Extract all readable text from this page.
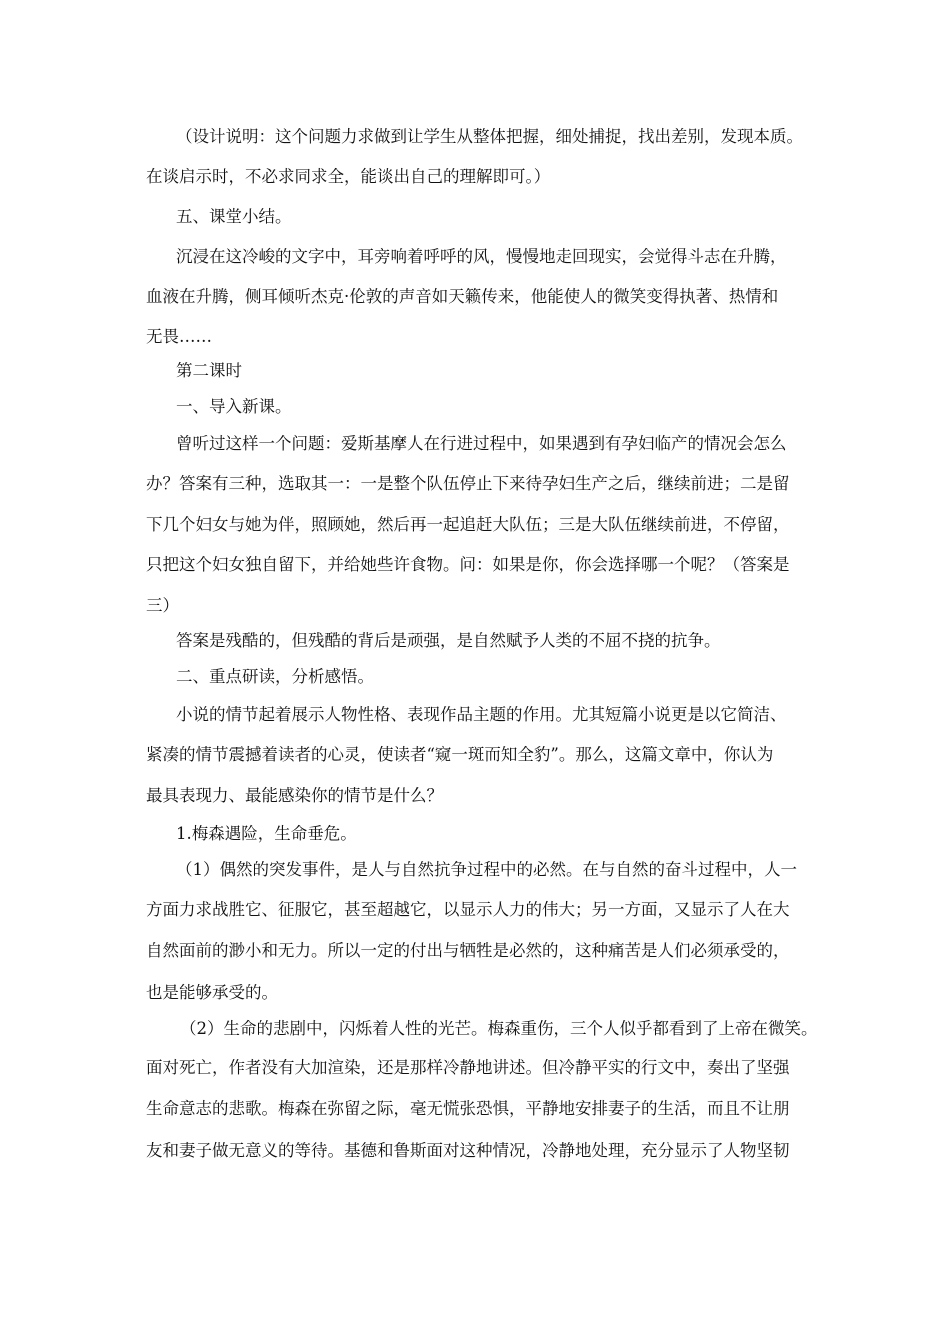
（设计说明：这个问题力求做到让学生从整体把握，细处捕捉，找出差别，发现本质。
在谈启示时，不必求同求全，能谈出自己的理解即可。）
五、课堂小结。
沉浸在这冷峻的文字中，耳旁响着呼呼的风，慢慢地走回现实，会觉得斗志在升腾，
血液在升腾，侧耳倾听杰克·伦敦的声音如天籁传来，他能使人的微笑变得执著、热情和
无畏……
第二课时
一、导入新课。
曾听过这样一个问题：爱斯基摩人在行进过程中，如果遇到有孕妇临产的情况会怎么
办？答案有三种，选取其一：一是整个队伍停止下来待孕妇生产之后，继续前进；二是留
下几个妇女与她为伴，照顾她，然后再一起追赶大队伍；三是大队伍继续前进，不停留，
只把这个妇女独自留下，并给她些许食物。问：如果是你，你会选择哪一个呢？（答案是
三）
答案是残酷的，但残酷的背后是顽强，是自然赋予人类的不屈不挠的抗争。
二、重点研读，分析感悟。
小说的情节起着展示人物性格、表现作品主题的作用。尤其短篇小说更是以它简洁、
紧凑的情节震撼着读者的心灵，使读者“窥一斑而知全豹”。那么，这篇文章中，你认为
最具表现力、最能感染你的情节是什么？
1.梅森遇险，生命垂危。
（1）偶然的突发事件，是人与自然抗争过程中的必然。在与自然的奋斗过程中，人一
方面力求战胜它、征服它，甚至超越它，以显示人力的伟大；另一方面，又显示了人在大
自然面前的渺小和无力。所以一定的付出与牺牲是必然的，这种痛苦是人们必须承受的，
也是能够承受的。
（2）生命的悲剧中，闪烁着人性的光芒。梅森重伤，三个人似乎都看到了上帝在微笑。
面对死亡，作者没有大加渲染，还是那样冷静地讲述。但冷静平实的行文中，奏出了坚强
生命意志的悲歌。梅森在弥留之际，毫无慌张恐惧，平静地安排妻子的生活，而且不让朋
友和妻子做无意义的等待。基德和鲁斯面对这种情况，冷静地处理，充分显示了人物坚韧
